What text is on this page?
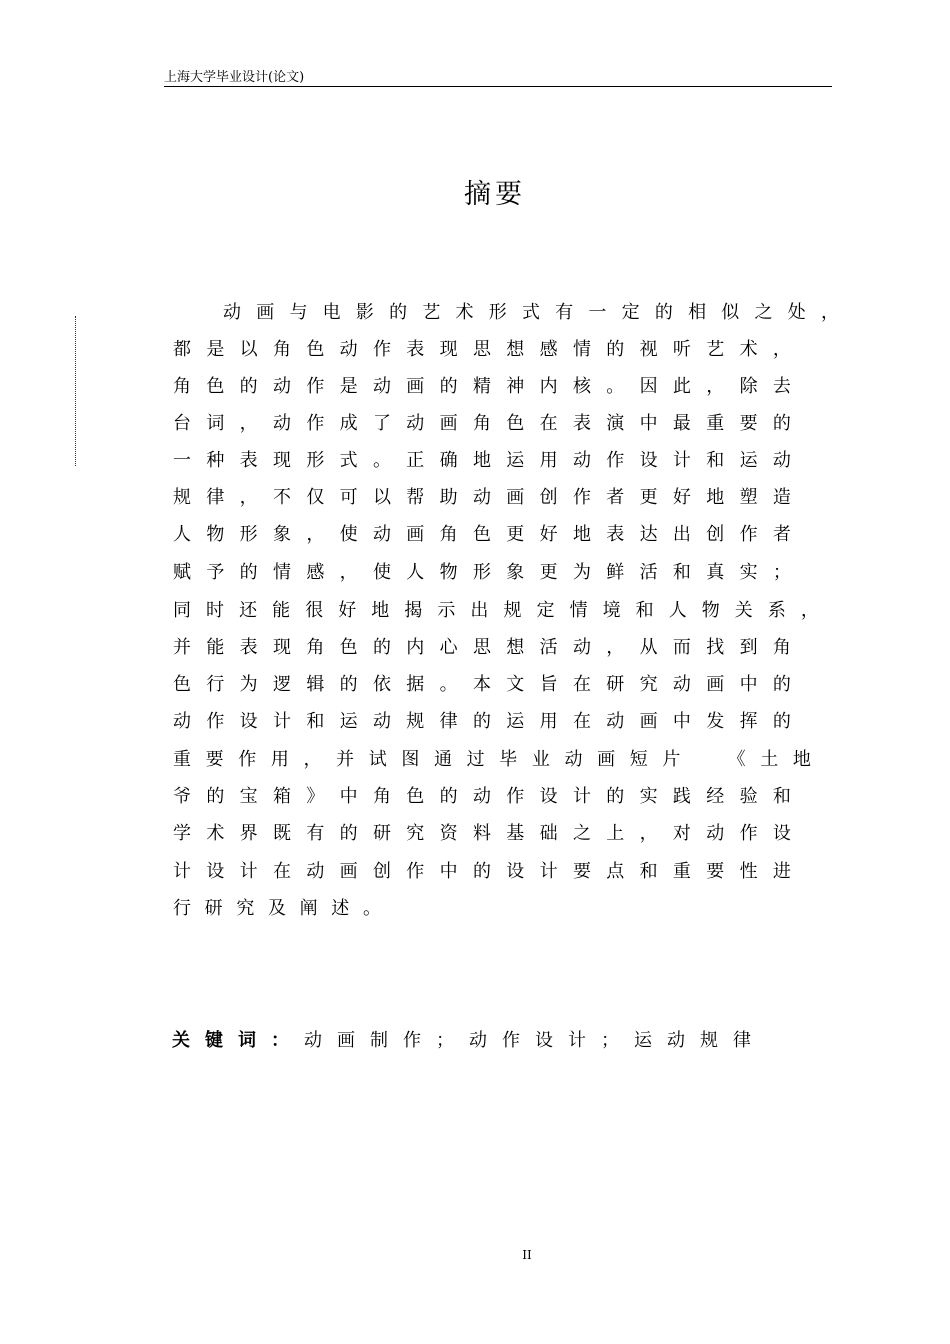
上海大学毕业设计(论文)
摘要
动 画 与 电 影 的 艺 术 形 式 有 一 定 的 相 似 之 处 ，
都 是 以 角 色 动 作 表 现 思 想 感 情 的 视 听 艺 术 ，
角 色 的 动 作 是 动 画 的 精 神 内 核 。 因 此 ， 除 去
台 词 ， 动 作 成 了 动 画 角 色 在 表 演 中 最 重 要 的
一 种 表 现 形 式 。 正 确 地 运 用 动 作 设 计 和 运 动
规 律 ， 不 仅 可 以 帮 助 动 画 创 作 者 更 好 地 塑 造
人 物 形 象 ， 使 动 画 角 色 更 好 地 表 达 出 创 作 者
赋 予 的 情 感 ， 使 人 物 形 象 更 为 鲜 活 和 真 实 ；
同 时 还 能 很 好 地 揭 示 出 规 定 情 境 和 人 物 关 系 ，
并 能 表 现 角 色 的 内 心 思 想 活 动 ， 从 而 找 到 角
色 行 为 逻 辑 的 依 据 。 本 文 旨 在 研 究 动 画 中 的
动 作 设 计 和 运 动 规 律 的 运 用 在 动 画 中 发 挥 的
重 要 作 用 ， 并 试 图 通 过 毕 业 动 画 短 片
	《 土 地
爷 的 宝 箱 》 中 角 色 的 动 作 设 计 的 实 践 经 验 和
学 术 界 既 有 的 研 究 资 料 基 础 之 上 ， 对 动 作 设
计 设 计 在 动 画 创 作 中 的 设 计 要 点 和 重 要 性 进
行 研 究 及 阐 述 。
关键词：动画制作；动作设计；运动规律
II
